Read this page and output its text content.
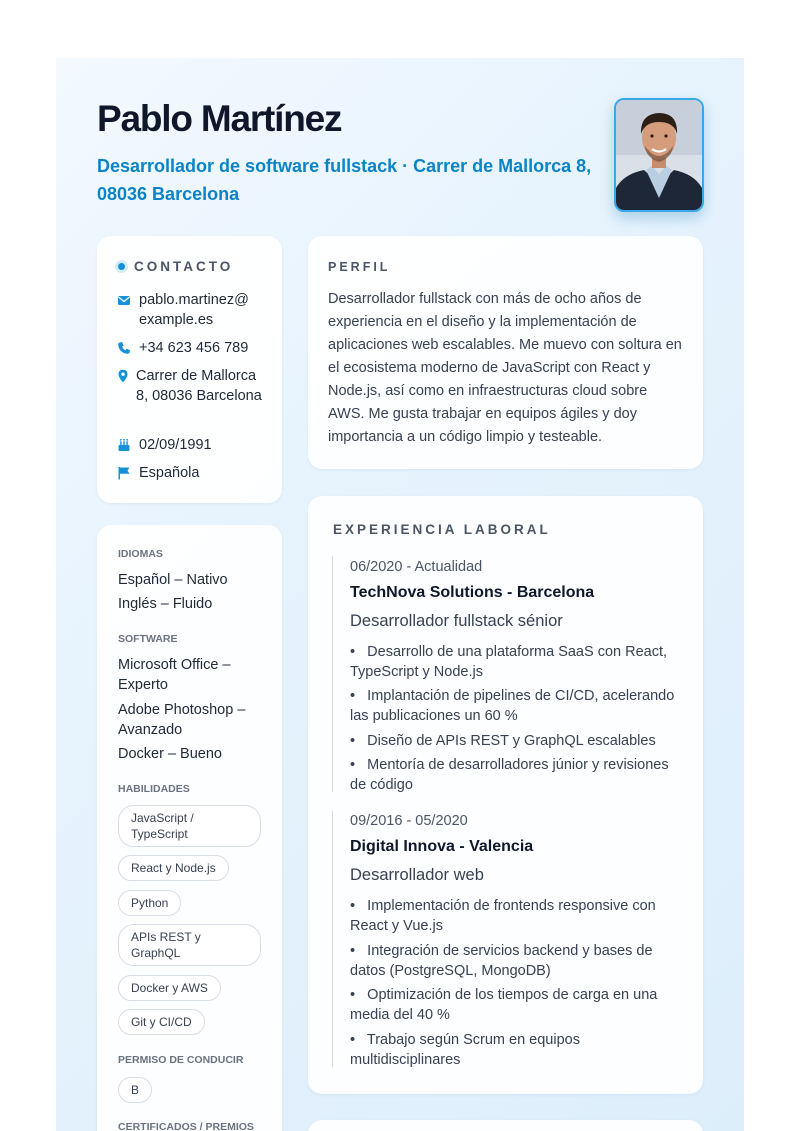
Pablo Martínez

Desarrollador de software fullstack · Carrer de Mallorca 8, 08036 Barcelona

CONTACTO
pablo.martinez@ example.es
+34 623 456 789
Carrer de Mallorca 8, 08036 Barcelona
02/09/1991
Española
IDIOMAS
Español – Nativo
Inglés – Fluido
SOFTWARE
Microsoft Office – Experto
Adobe Photoshop – Avanzado
Docker – Bueno
HABILIDADES
JavaScript / TypeScript
React y Node.js
Python
APIs REST y GraphQL
Docker y AWS
Git y CI/CD
PERMISO DE CONDUCIR
B
CERTIFICADOS / PREMIOS
PERFIL
Desarrollador fullstack con más de ocho años de experiencia en el diseño y la implementación de aplicaciones web escalables. Me muevo con soltura en el ecosistema moderno de JavaScript con React y Node.js, así como en infraestructuras cloud sobre AWS. Me gusta trabajar en equipos ágiles y doy importancia a un código limpio y testeable.
EXPERIENCIA LABORAL
06/2020 - Actualidad
TechNova Solutions - Barcelona
Desarrollador fullstack sénior
•   Desarrollo de una plataforma SaaS con React, TypeScript y Node.js
•   Implantación de pipelines de CI/CD, acelerando las publicaciones un 60 %
•   Diseño de APIs REST y GraphQL escalables
•   Mentoría de desarrolladores júnior y revisiones de código
09/2016 - 05/2020
Digital Innova - Valencia
Desarrollador web
•   Implementación de frontends responsive con React y Vue.js
•   Integración de servicios backend y bases de datos (PostgreSQL, MongoDB)
•   Optimización de los tiempos de carga en una media del 40 %
•   Trabajo según Scrum en equipos multidisciplinares
